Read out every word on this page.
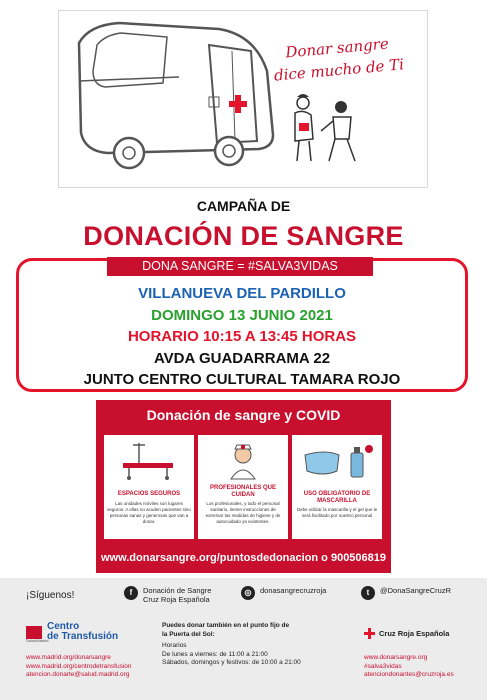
Donar sangre
dice mucho de Ti
CAMPAÑA DE
DONACIÓN DE SANGRE
DONA SANGRE = #SALVA3VIDAS
VILLANUEVA DEL PARDILLO
DOMINGO 13 JUNIO 2021
HORARIO 10:15 A 13:45 HORAS
AVDA GUADARRAMA 22
JUNTO CENTRO CULTURAL TAMARA ROJO
Donación de sangre y COVID
ESPACIOS SEGUROS
Las unidades móviles son lugares seguros. A ellas no acuden pacientes sino personas sanas y generosas que van a donar.
PROFESIONALES QUE CUIDAN
Los profesionales, y todo el personal sanitario, tienen instrucciones de extremar las medidas de higiene y de autocuidado ya existentes.
USO OBLIGATORIO DE MASCARILLA
Debe utilizar la mascarilla y el gel que le será facilitado por nuestro personal
www.donarsangre.org/puntosdedonacion o 900506819
¡Síguenos!	f	Donación de Sangre
Cruz Roja Española
◎	donasangrecruzroja	t	@DonaSangreCruzR
Centro
de Transfusión
SaludMadrid
www.madrid.org/donarsangre
www.madrid.org/centrodetransfusion
atencion.donarte@salud.madrid.org
Puedes donar también en el punto fijo de
la Puerta del Sol:
Horarios
De lunes a viernes: de 11:00 a 21:00
Sábados, domingos y festivos: de 10:00 a 21:00
Cruz Roja Española
www.donarsangre.org
#salva3vidas
atenciondonantes@cruzroja.es
